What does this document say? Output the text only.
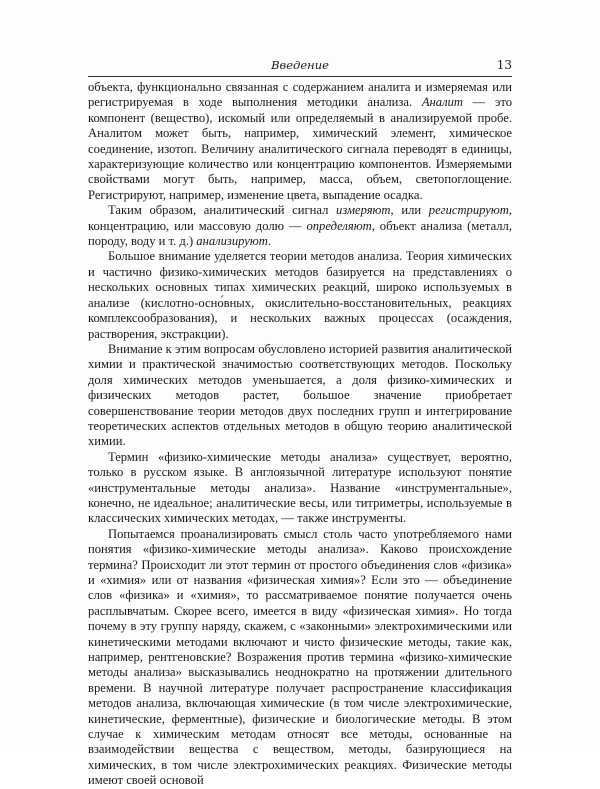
Введение	13

объекта, функционально связанная с содержанием аналита и измеряемая или регистрируемая в ходе выполнения методики анализа. Аналит — это компонент (вещество), искомый или определяемый в анализируемой пробе. Аналитом может быть, например, химический элемент, химическое соединение, изотоп. Величину аналитического сигнала переводят в единицы, характеризующие количество или концентрацию компонентов. Измеряемыми свойствами могут быть, например, масса, объем, светопоглощение. Регистрируют, например, изменение цвета, выпадение осадка.

Таким образом, аналитический сигнал измеряют, или регистрируют, концентрацию, или массовую долю — определяют, объект анализа (металл, породу, воду и т. д.) анализируют.

Большое внимание уделяется теории методов анализа. Теория химических и частично физико-химических методов базируется на представлениях о нескольких основных типах химических реакций, широко используемых в анализе (кислотно-осно́вных, окислительно-восстановительных, реакциях комплексообразования), и нескольких важных процессах (осаждения, растворения, экстракции).

Внимание к этим вопросам обусловлено историей развития аналитической химии и практической значимостью соответствующих методов. Поскольку доля химических методов уменьшается, а доля физико-химических и физических методов растет, большое значение приобретает совершенствование теории методов двух последних групп и интегрирование теоретических аспектов отдельных методов в общую теорию аналитической химии.

Термин «физико-химические методы анализа» существует, вероятно, только в русском языке. В англоязычной литературе используют понятие «инструментальные методы анализа». Название «инструментальные», конечно, не идеальное; аналитические весы, или титриметры, используемые в классических химических методах, — также инструменты.

Попытаемся проанализировать смысл столь часто употребляемого нами понятия «физико-химические методы анализа». Каково происхождение термина? Происходит ли этот термин от простого объединения слов «физика» и «химия» или от названия «физическая химия»? Если это — объединение слов «физика» и «химия», то рассматриваемое понятие получается очень расплывчатым. Скорее всего, имеется в виду «физическая химия». Но тогда почему в эту группу наряду, скажем, с «законными» электрохимическими или кинетическими методами включают и чисто физические методы, такие как, например, рентгеновские? Возражения против термина «физико-химические методы анализа» высказывались неоднократно на протяжении длительного времени. В научной литературе получает распространение классификация методов анализа, включающая химические (в том числе электрохимические, кинетические, ферментные), физические и биологические методы. В этом случае к химическим методам относят все методы, основанные на взаимодействии вещества с веществом, методы, базирующиеся на химических, в том числе электрохимических реакциях. Физические методы имеют своей основой
